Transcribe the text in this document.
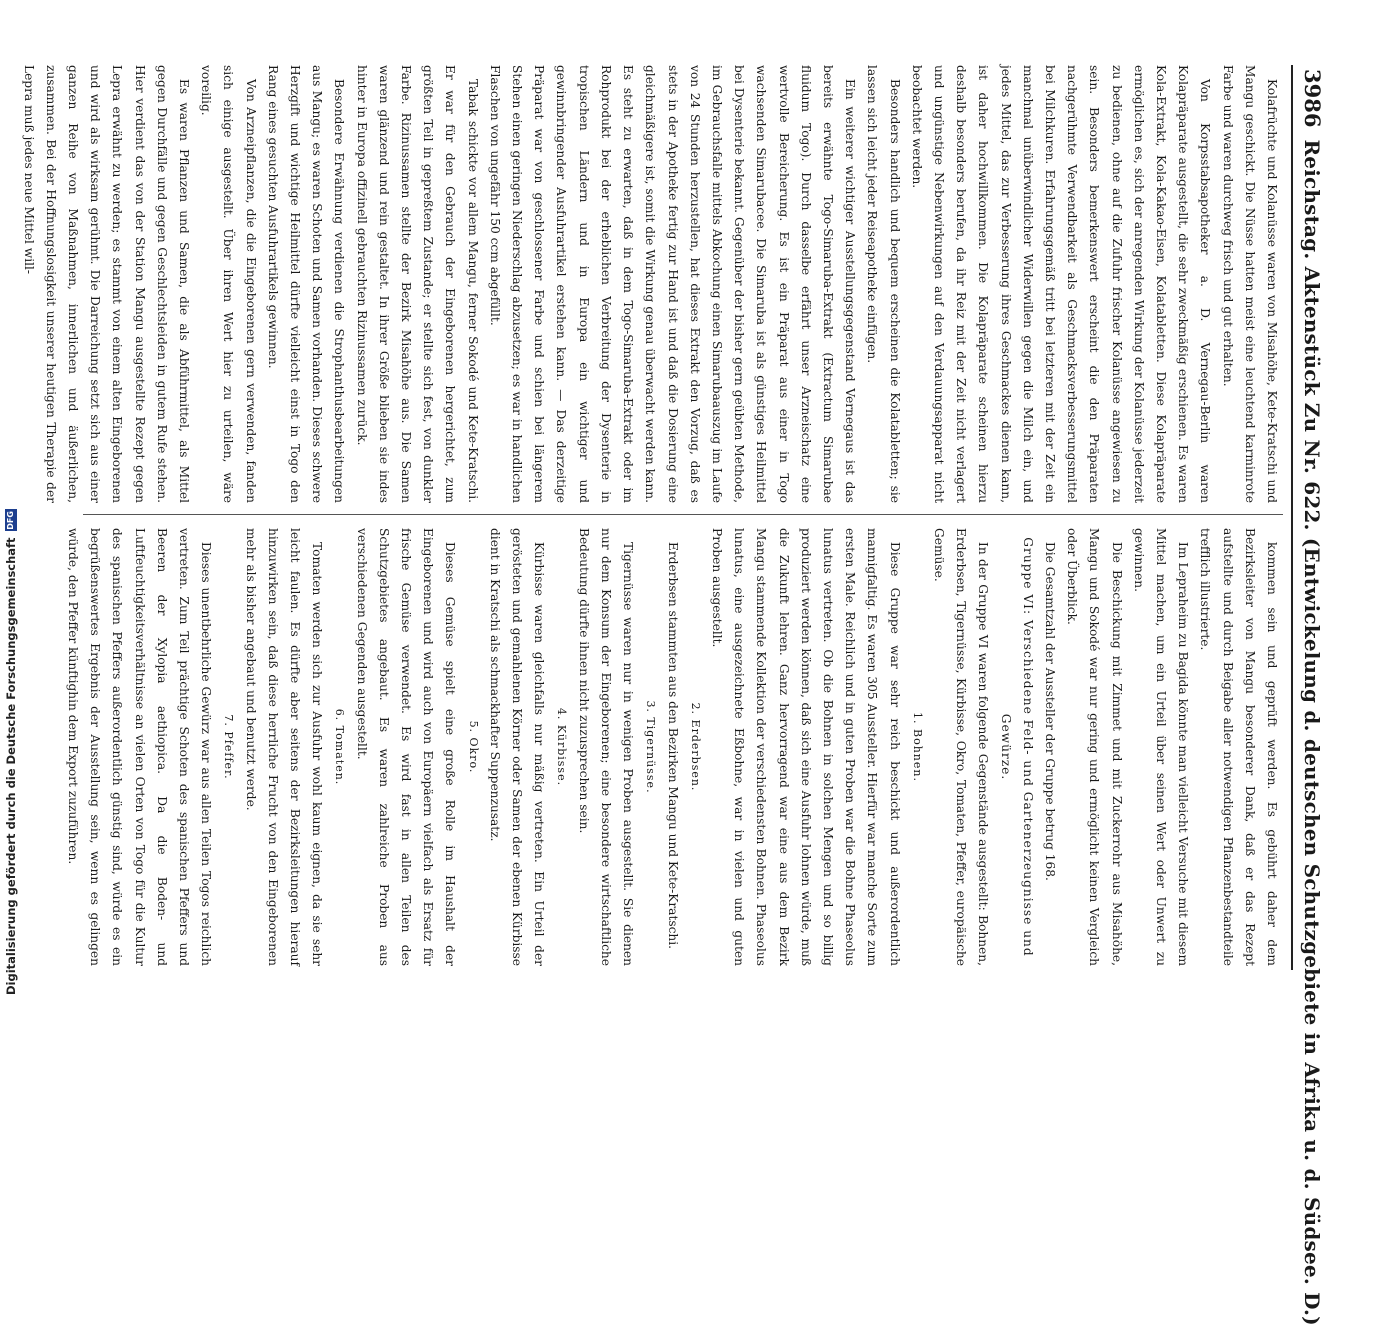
3986
Reichstag. Aktenstück Zu Nr. 622. (Entwickelung d. deutschen Schutzgebiete in Afrika u. d. Südsee. D.)

Kolafrüchte und Kolanüsse waren von Misahöhe, Kete-Kratschi und Mangu geschickt. Die Nüsse hatten meist eine leuchtend karminrote Farbe und waren durchweg frisch und gut erhalten.

Von Korpsstabsapotheker a. D. Vernegau-Berlin waren Kolapräparate ausgestellt, die sehr zweckmäßig erschienen. Es waren Kola-Extrakt, Kola-Kakao-Eisen, Kolatabletten. Diese Kolapräparate ermöglichen es, sich der anregenden Wirkung der Kolanüsse jederzeit zu bedienen, ohne auf die Zufuhr frischer Kolanüsse angewiesen zu sein. Besonders bemerkenswert erscheint die den Präparaten nachgerühmte Verwendbarkeit als Geschmacksverbesserungsmittel bei Milchkuren. Erfahrungsgemäß tritt bei letzteren mit der Zeit ein manchmal unüberwindlicher Widerwillen gegen die Milch ein, und jedes Mittel, das zur Verbesserung ihres Geschmackes dienen kann, ist daher hochwillkommen. Die Kolapräparate scheinen hierzu deshalb besonders berufen, da ihr Reiz mit der Zeit nicht verlagert und ungünstige Nebenwirkungen auf den Verdauungsapparat nicht beobachtet werden.

Besonders handlich und bequem erscheinen die Kolatabletten; sie lassen sich leicht jeder Reiseapotheke einfügen.

Ein weiterer wichtiger Ausstellungsgegenstand Vernegaus ist das bereits erwähnte Togo-Simaruba-Extrakt (Extractum Simarubae fluidum Togo). Durch dasselbe erfährt unser Arzneischatz eine wertvolle Bereicherung. Es ist ein Präparat aus einer in Togo wachsenden Simarubacee. Die Simaruba ist als günstiges Heilmittel bei Dysenterie bekannt. Gegenüber der bisher gern geübten Methode, im Gebrauchsfalle mittels Abkochung einen Simarubaauszug im Laufe von 24 Stunden herzustellen, hat dieses Extrakt den Vorzug, daß es stets in der Apotheke fertig zur Hand ist und daß die Dosierung eine gleichmäßigere ist, somit die Wirkung genau überwacht werden kann. Es steht zu erwarten, daß in dem Togo-Simaruba-Extrakt oder im Rohprodukt bei der erheblichen Verbreitung der Dysenterie in tropischen Ländern und in Europa ein wichtiger und gewinnbringender Ausfuhrartikel erstehen kann. — Das derzeitige Präparat war von geschlossener Farbe und schien bei längerem Stehen einen geringen Niederschlag abzusetzen; es war in handlichen Flaschen von ungefähr 150 ccm abgefüllt.

Tabak schickte vor allem Mangu, ferner Sokodé und Kete-Kratschi. Er war für den Gebrauch der Eingeborenen hergerichtet, zum größten Teil in gepreßtem Zustande; er stellte sich fest, von dunkler Farbe. Rizinussamen stellte der Bezirk Misahöhe aus. Die Samen waren glänzend und rein gestaltet. In ihrer Größe blieben sie indes hinter in Europa offizinell gebrauchten Rizinussamen zurück.

Besondere Erwähnung verdienen die Strophanthusbearbeitungen aus Mangu; es waren Schoten und Samen vorhanden. Dieses schwere Herzgift und wichtige Heilmittel dürfte vielleicht einst in Togo den Rang eines gesuchten Ausfuhrartikels gewinnen.

Von Arzneipflanzen, die die Eingeborenen gern verwenden, fanden sich einige ausgestellt. Über ihren Wert hier zu urteilen, wäre voreilig.

Es waren Pflanzen und Samen, die als Abführmittel, als Mittel gegen Durchfälle und gegen Geschlechtsleiden in gutem Rufe stehen. Hier verdient das von der Station Mangu ausgestellte Rezept gegen Lepra erwähnt zu werden; es stammt von einem alten Eingeborenen und wird als wirksam gerühmt. Die Darreichung setzt sich aus einer ganzen Reihe von Maßnahmen, innerlichen und äußerlichen, zusammen. Bei der Hoffnungslosigkeit unserer heutigen Therapie der Lepra muß jedes neue Mittel will-

kommen sein und geprüft werden. Es gebührt daher dem Bezirksleiter von Mangu besonderer Dank, daß er das Rezept aufstellte und durch Beigabe aller notwendigen Pflanzenbestandteile trefflich illustrierte.

Im Lepraheim zu Bagida könnte man vielleicht Versuche mit diesem Mittel machen, um ein Urteil über seinen Wert oder Unwert zu gewinnen.

Die Beschickung mit Zimmet und mit Zuckerrohr aus Misahöhe, Mangu und Sokodé war nur gering und ermöglicht keinen Vergleich oder Überblick.

Die Gesamtzahl der Aussteller der Gruppe betrug 168.

Gruppe VI: Verschiedene Feld- und Gartenerzeugnisse und Gewürze.

In der Gruppe VI waren folgende Gegenstände ausgestellt: Bohnen, Erderbsen, Tigernüsse, Kürbisse, Okro, Tomaten, Pfeffer, europäische Gemüse.

1. Bohnen.

Diese Gruppe war sehr reich beschickt und außerordentlich mannigfaltig. Es waren 305 Aussteller. Hierfür war manche Sorte zum ersten Male. Reichlich und in guten Proben war die Bohne Phaseolus lunatus vertreten. Ob die Bohnen in solchen Mengen und so billig produziert werden können, daß sich eine Ausfuhr lohnen würde, muß die Zukunft lehren. Ganz hervorragend war eine aus dem Bezirk Mangu stammende Kollektion der verschiedensten Bohnen. Phaseolus lunatus, eine ausgezeichnete Eßbohne, war in vielen und guten Proben ausgestellt.

2. Erderbsen.

Erderbsen stammten aus den Bezirken Mangu und Kete-Kratschi.

3. Tigernüsse.

Tigernüsse waren nur in wenigen Proben ausgestellt. Sie dienen nur dem Konsum der Eingeborenen; eine besondere wirtschaftliche Bedeutung dürfte ihnen nicht zuzusprechen sein.

4. Kürbisse.

Kürbisse waren gleichfalls nur mäßig vertreten. Ein Urteil der gerösteten und gemahlenen Körner oder Samen der ebenen Kürbisse dient in Kratschi als schmackhafter Suppenzusatz.

5. Okro.

Dieses Gemüse spielt eine große Rolle im Haushalt der Eingeborenen und wird auch von Europäern vielfach als Ersatz für frische Gemüse verwendet. Es wird fast in allen Teilen des Schutzgebietes angebaut. Es waren zahlreiche Proben aus verschiedenen Gegenden ausgestellt.

6. Tomaten.

Tomaten werden sich zur Ausfuhr wohl kaum eignen, da sie sehr leicht faulen. Es dürfte aber seitens der Bezirksleitungen hierauf hinzuwirken sein, daß diese herrliche Frucht von den Eingeborenen mehr als bisher angebaut und benutzt werde.

7. Pfeffer.

Dieses unentbehrliche Gewürz war aus allen Teilen Togos reichlich vertreten. Zum Teil prächtige Schoten des spanischen Pfeffers und Beeren der Xylopia aethiopica. Da die Boden- und Luftfeuchtigkeitsverhältnisse an vielen Orten von Togo für die Kultur des spanischen Pfeffers außerordentlich günstig sind, würde es ein begrüßenswertes Ergebnis der Ausstellung sein, wenn es gelingen würde, den Pfeffer künftighin dem Export zuzuführen.

Digitalisierung gefördert durch die Deutsche Forschungsgemeinschaft
DFG
